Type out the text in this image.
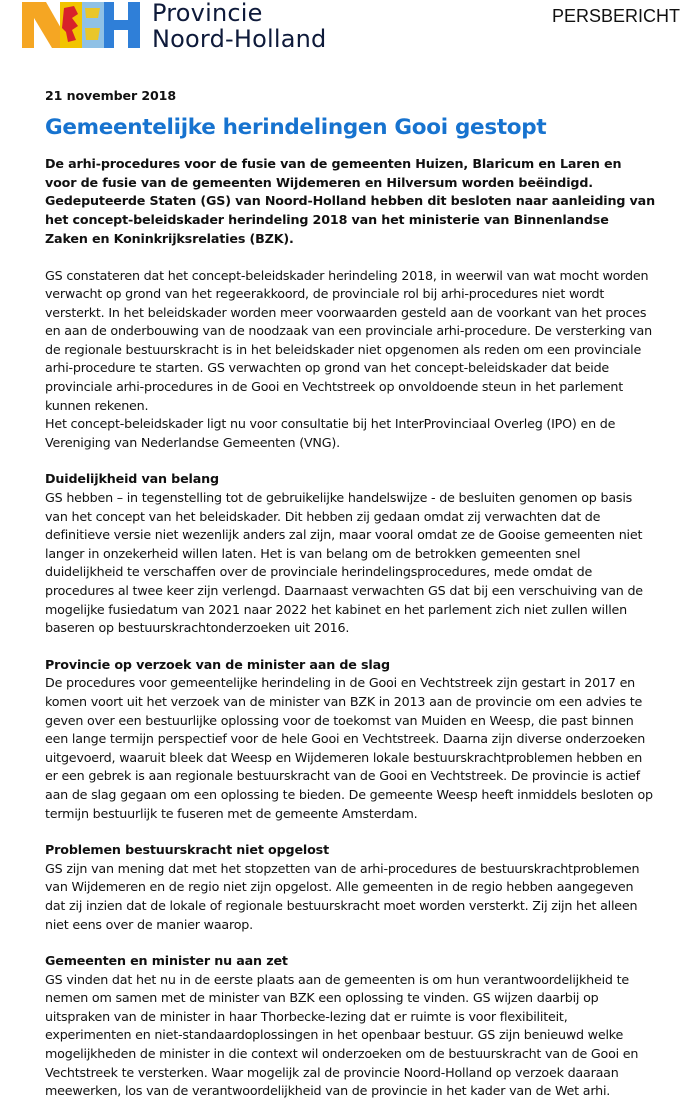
Provincie
Noord-Holland
PERSBERICHT
21 november 2018
Gemeentelijke herindelingen Gooi gestopt
De arhi-procedures voor de fusie van de gemeenten Huizen, Blaricum en Laren en voor de fusie van de gemeenten Wijdemeren en Hilversum worden beëindigd. Gedeputeerde Staten (GS) van Noord-Holland hebben dit besloten naar aanleiding van het concept-beleidskader herindeling 2018 van het ministerie van Binnenlandse Zaken en Koninkrijksrelaties (BZK).

GS constateren dat het concept-beleidskader herindeling 2018, in weerwil van wat mocht worden verwacht op grond van het regeerakkoord, de provinciale rol bij arhi-procedures niet wordt versterkt. In het beleidskader worden meer voorwaarden gesteld aan de voorkant van het proces en aan de onderbouwing van de noodzaak van een provinciale arhi-procedure. De versterking van de regionale bestuurskracht is in het beleidskader niet opgenomen als reden om een provinciale arhi-procedure te starten. GS verwachten op grond van het concept-beleidskader dat beide provinciale arhi-procedures in de Gooi en Vechtstreek op onvoldoende steun in het parlement kunnen rekenen.

Het concept-beleidskader ligt nu voor consultatie bij het InterProvinciaal Overleg (IPO) en de Vereniging van Nederlandse Gemeenten (VNG).

Duidelijkheid van belang

GS hebben – in tegenstelling tot de gebruikelijke handelswijze - de besluiten genomen op basis van het concept van het beleidskader. Dit hebben zij gedaan omdat zij verwachten dat de definitieve versie niet wezenlijk anders zal zijn, maar vooral omdat ze de Gooise gemeenten niet langer in onzekerheid willen laten. Het is van belang om de betrokken gemeenten snel duidelijkheid te verschaffen over de provinciale herindelingsprocedures, mede omdat de procedures al twee keer zijn verlengd. Daarnaast verwachten GS dat bij een verschuiving van de mogelijke fusiedatum van 2021 naar 2022 het kabinet en het parlement zich niet zullen willen baseren op bestuurskrachtonderzoeken uit 2016.

Provincie op verzoek van de minister aan de slag

De procedures voor gemeentelijke herindeling in de Gooi en Vechtstreek zijn gestart in 2017 en komen voort uit het verzoek van de minister van BZK in 2013 aan de provincie om een advies te geven over een bestuurlijke oplossing voor de toekomst van Muiden en Weesp, die past binnen een lange termijn perspectief voor de hele Gooi en Vechtstreek. Daarna zijn diverse onderzoeken uitgevoerd, waaruit bleek dat Weesp en Wijdemeren lokale bestuurskrachtproblemen hebben en er een gebrek is aan regionale bestuurskracht van de Gooi en Vechtstreek. De provincie is actief aan de slag gegaan om een oplossing te bieden. De gemeente Weesp heeft inmiddels besloten op termijn bestuurlijk te fuseren met de gemeente Amsterdam.

Problemen bestuurskracht niet opgelost

GS zijn van mening dat met het stopzetten van de arhi-procedures de bestuurskrachtproblemen van Wijdemeren en de regio niet zijn opgelost. Alle gemeenten in de regio hebben aangegeven dat zij inzien dat de lokale of regionale bestuurskracht moet worden versterkt. Zij zijn het alleen niet eens over de manier waarop.

Gemeenten en minister nu aan zet

GS vinden dat het nu in de eerste plaats aan de gemeenten is om hun verantwoordelijkheid te nemen om samen met de minister van BZK een oplossing te vinden. GS wijzen daarbij op uitspraken van de minister in haar Thorbecke-lezing dat er ruimte is voor flexibiliteit, experimenten en niet-standaardoplossingen in het openbaar bestuur. GS zijn benieuwd welke mogelijkheden de minister in die context wil onderzoeken om de bestuurskracht van de Gooi en Vechtstreek te versterken. Waar mogelijk zal de provincie Noord-Holland op verzoek daaraan meewerken, los van de verantwoordelijkheid van de provincie in het kader van de Wet arhi.
